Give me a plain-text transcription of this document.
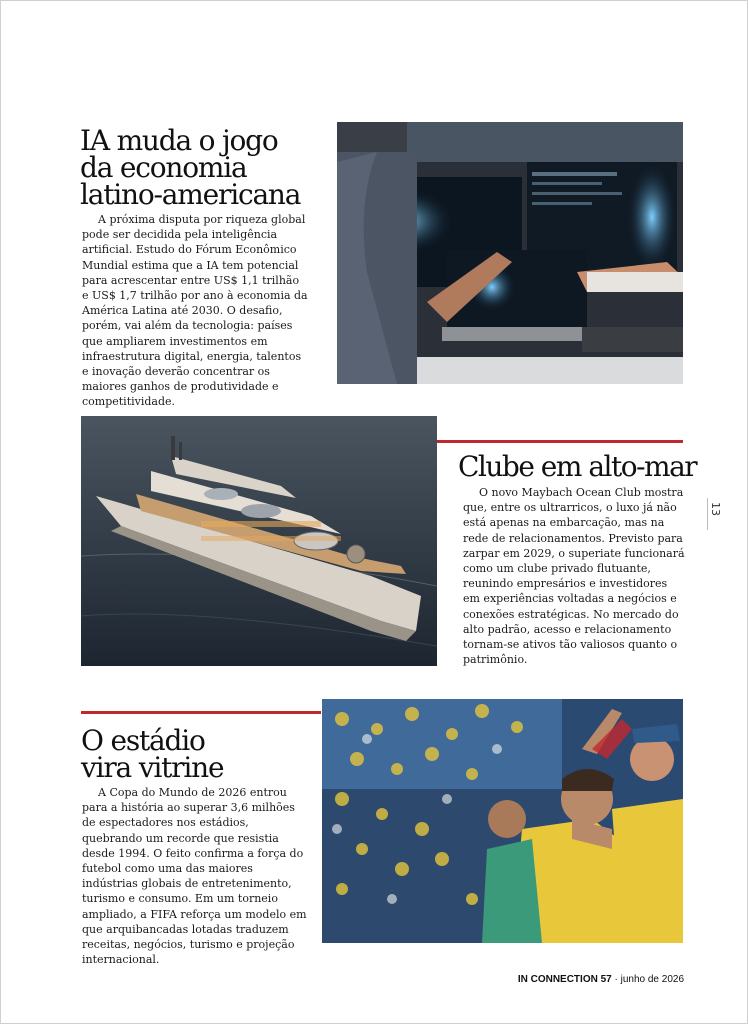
IA muda o jogo
da economia
latino-americana

A próxima disputa por riqueza global pode ser decidida pela inteligência artificial. Estudo do Fórum Econômico Mundial estima que a IA tem potencial para acrescentar entre US$ 1,1 trilhão e US$ 1,7 trilhão por ano à economia da América Latina até 2030. O desafio, porém, vai além da tecnologia: países que ampliarem investimentos em infraestrutura digital, energia, talentos e inovação deverão concentrar os maiores ganhos de produtividade e competitividade.

Clube em alto-mar

O novo Maybach Ocean Club mostra que, entre os ultrarricos, o luxo já não está apenas na embarcação, mas na rede de relacionamentos. Previsto para zarpar em 2029, o superiate funcionará como um clube privado flutuante, reunindo empresários e investidores em experiências voltadas a negócios e conexões estratégicas. No mercado do alto padrão, acesso e relacionamento tornam-se ativos tão valiosos quanto o patrimônio.

O estádio
vira vitrine

A Copa do Mundo de 2026 entrou para a história ao superar 3,6 milhões de espectadores nos estádios, quebrando um recorde que resistia desde 1994. O feito confirma a força do futebol como uma das maiores indústrias globais de entretenimento, turismo e consumo. Em um torneio ampliado, a FIFA reforça um modelo em que arquibancadas lotadas traduzem receitas, negócios, turismo e projeção internacional.

13
IN CONNECTION 57 · junho de 2026
